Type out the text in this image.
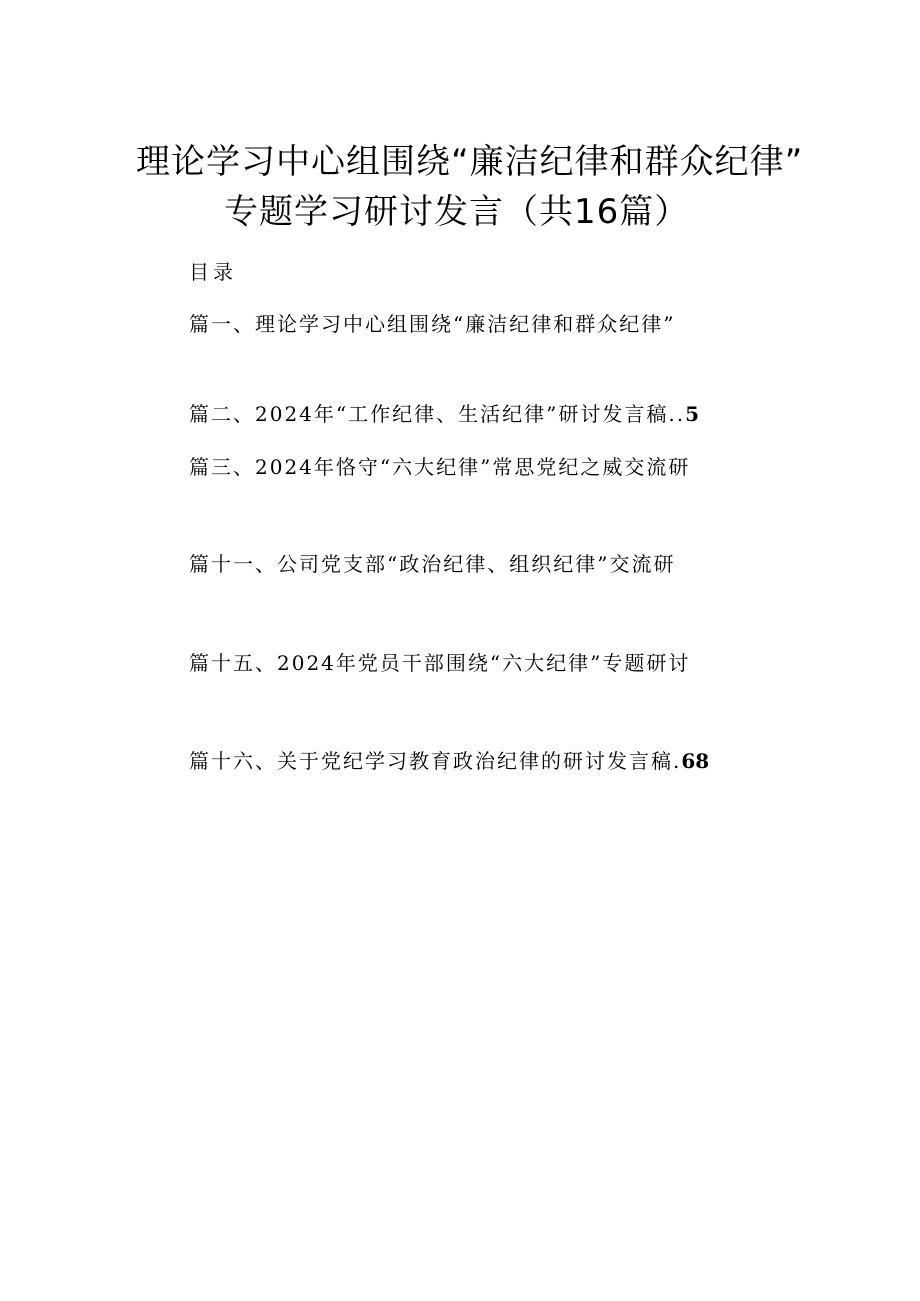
理论学习中心组围绕“廉洁纪律和群众纪律”
专题学习研讨发言（共16篇）
目录
篇一、理论学习中心组围绕“廉洁纪律和群众纪律”
篇二、2024年“工作纪律、生活纪律”研讨发言稿..5
篇三、2024年恪守“六大纪律”常思党纪之威交流研
篇十一、公司党支部“政治纪律、组织纪律”交流研
篇十五、2024年党员干部围绕“六大纪律”专题研讨
篇十六、关于党纪学习教育政治纪律的研讨发言稿.68
